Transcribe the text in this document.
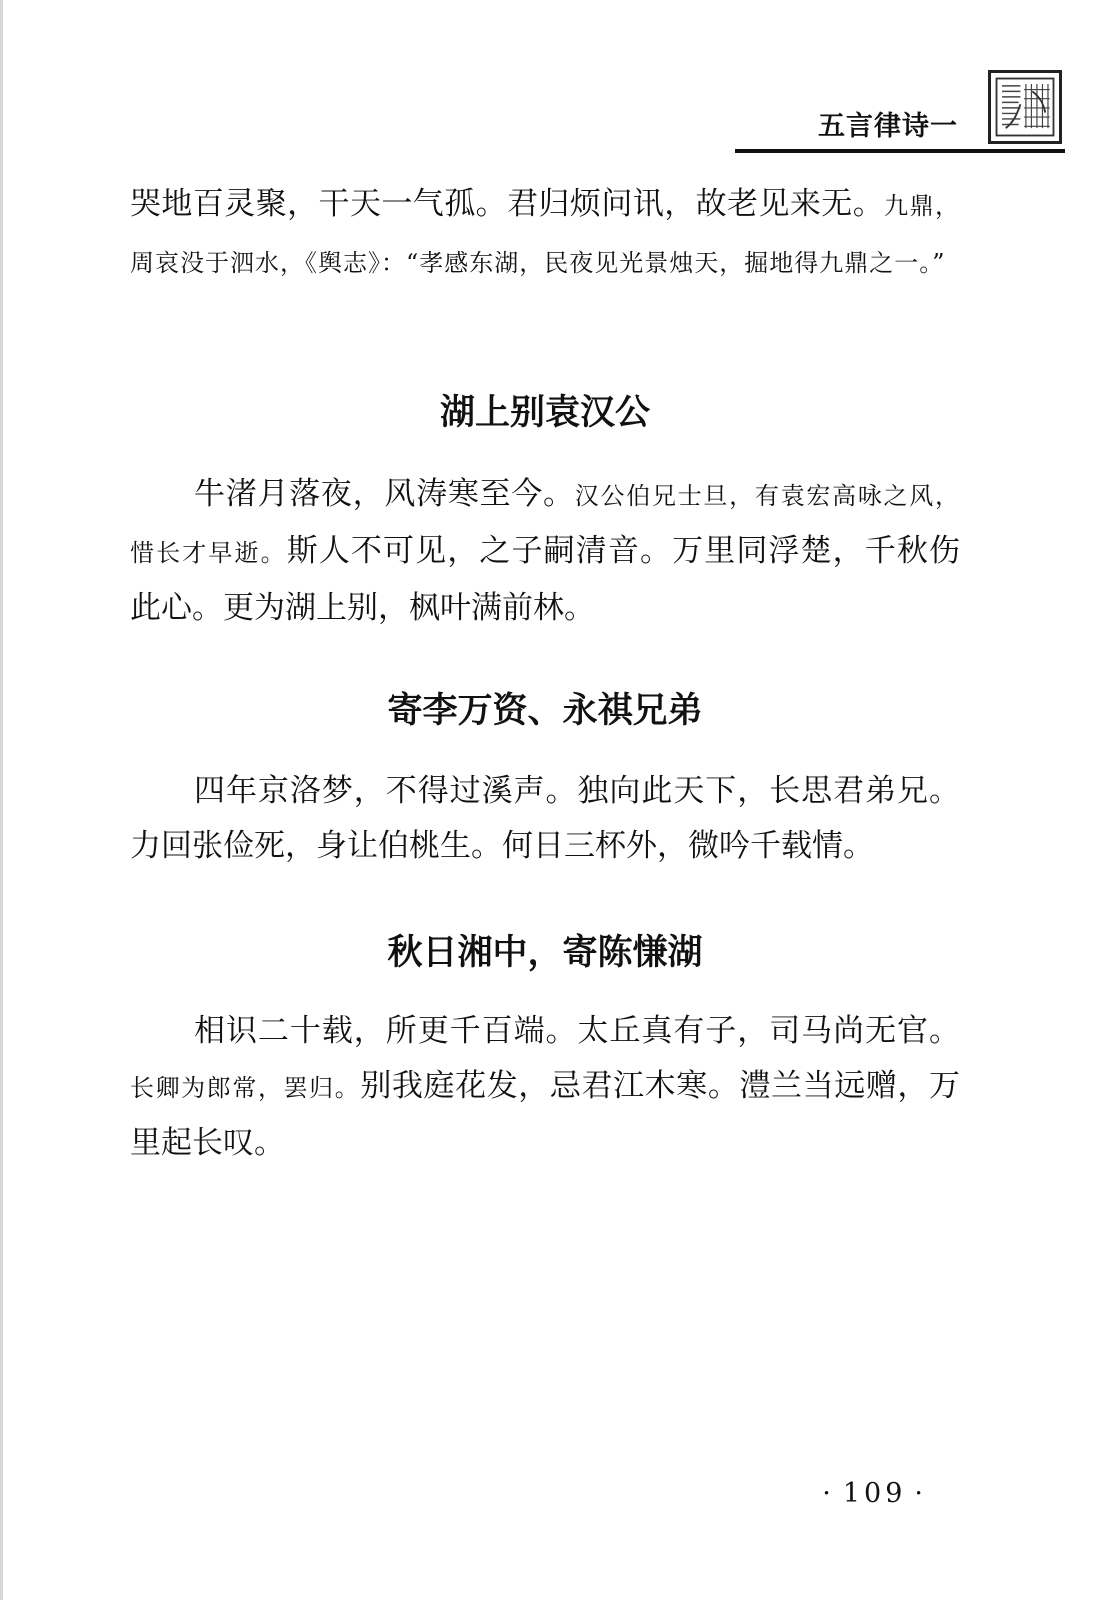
五言律诗一
哭地百灵聚，干天一气孤。君归烦问讯，故老见来无。九鼎，周哀没于泗水，《舆志》：“孝感东湖，民夜见光景烛天，掘地得九鼎之一。”
湖上别袁汉公
牛渚月落夜，风涛寒至今。汉公伯兄士旦，有袁宏高咏之风，惜长才早逝。斯人不可见，之子嗣清音。万里同浮楚，千秋伤此心。更为湖上别，枫叶满前林。
寄李万资、永祺兄弟
四年京洛梦，不得过溪声。独向此天下，长思君弟兄。力回张俭死，身让伯桃生。何日三杯外，微吟千载情。
秋日湘中，寄陈慊湖
相识二十载，所更千百端。太丘真有子，司马尚无官。长卿为郎常，罢归。别我庭花发，忌君江木寒。澧兰当远赠，万里起长叹。
· 109 ·
